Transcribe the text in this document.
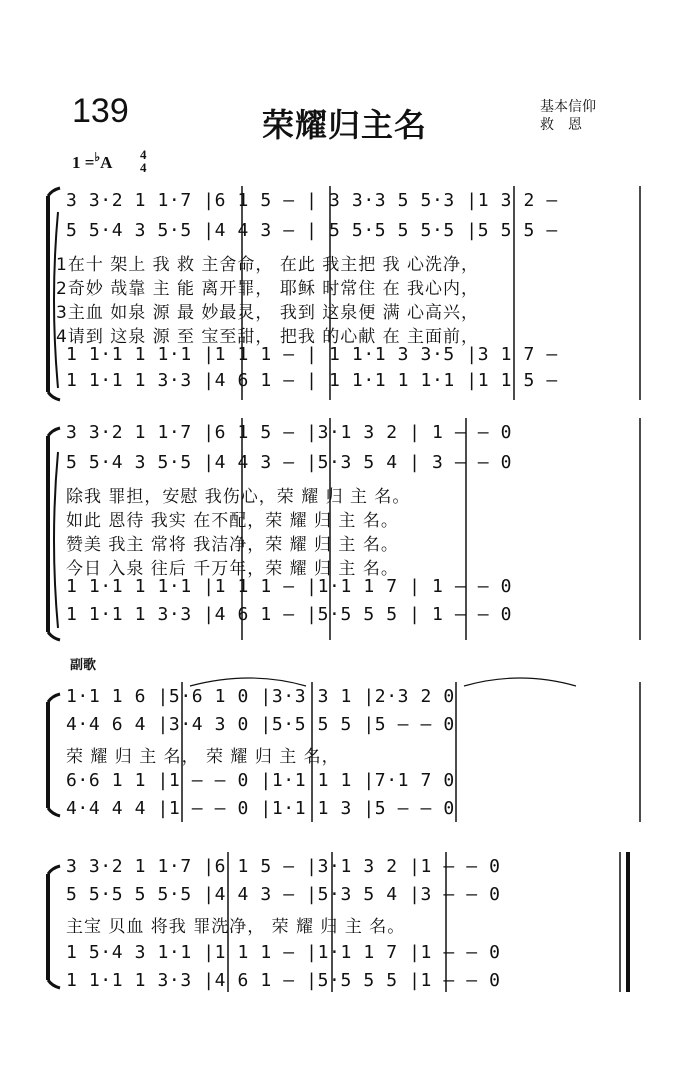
139	荣耀归主名	基本信仰
救　恩
1 =♭A 4
4
3 3·2 1 1·7 |6 1 5 – | 3 3·3 5 5·3 |1 3 2 –
5 5·4 3 5·5 |4 4 3 – | 5 5·5 5 5·5 |5 5 5 –
1在十 架上 我 救 主舍命， 在此 我主把 我 心洗净，
2奇妙 哉靠 主 能 离开罪， 耶稣 时常住 在 我心内，
3主血 如泉 源 最 妙最灵， 我到 这泉便 满 心高兴，
4请到 这泉 源 至 宝至甜， 把我 的心献 在 主面前，
1 1·1 1 1·1 |1 1 1 – | 1 1·1 3 3·5 |3 1 7 –
1 1·1 1 3·3 |4 6 1 – | 1 1·1 1 1·1 |1 1 5 –
3 3·2 1 1·7 |6 1 5 – |3·1 3 2 | 1 – – 0
5 5·4 3 5·5 |4 4 3 – |5·3 5 4 | 3 – – 0
除我 罪担，安慰 我伤心，荣 耀 归 主 名。
如此 恩待 我实 在不配，荣 耀 归 主 名。
赞美 我主 常将 我洁净，荣 耀 归 主 名。
今日 入泉 往后 千万年，荣 耀 归 主 名。
1 1·1 1 1·1 |1 1 1 – |1·1 1 7 | 1 – – 0
1 1·1 1 3·3 |4 6 1 – |5·5 5 5 | 1 – – 0
副歌
1·1 1 6 |5·6 1 0 |3·3 3 1 |2·3 2 0
4·4 6 4 |3·4 3 0 |5·5 5 5 |5 – – 0
荣 耀 归 主 名， 荣 耀 归 主 名，
6·6 1 1 |1 – – 0 |1·1 1 1 |7·1 7 0
4·4 4 4 |1 – – 0 |1·1 1 3 |5 – – 0
3 3·2 1 1·7 |6 1 5 – |3·1 3 2 |1 – – 0
5 5·5 5 5·5 |4 4 3 – |5·3 5 4 |3 – – 0
主宝 贝血 将我 罪洗净， 荣 耀 归 主 名。
1 5·4 3 1·1 |1 1 1 – |1·1 1 7 |1 – – 0
1 1·1 1 3·3 |4 6 1 – |5·5 5 5 |1 – – 0
